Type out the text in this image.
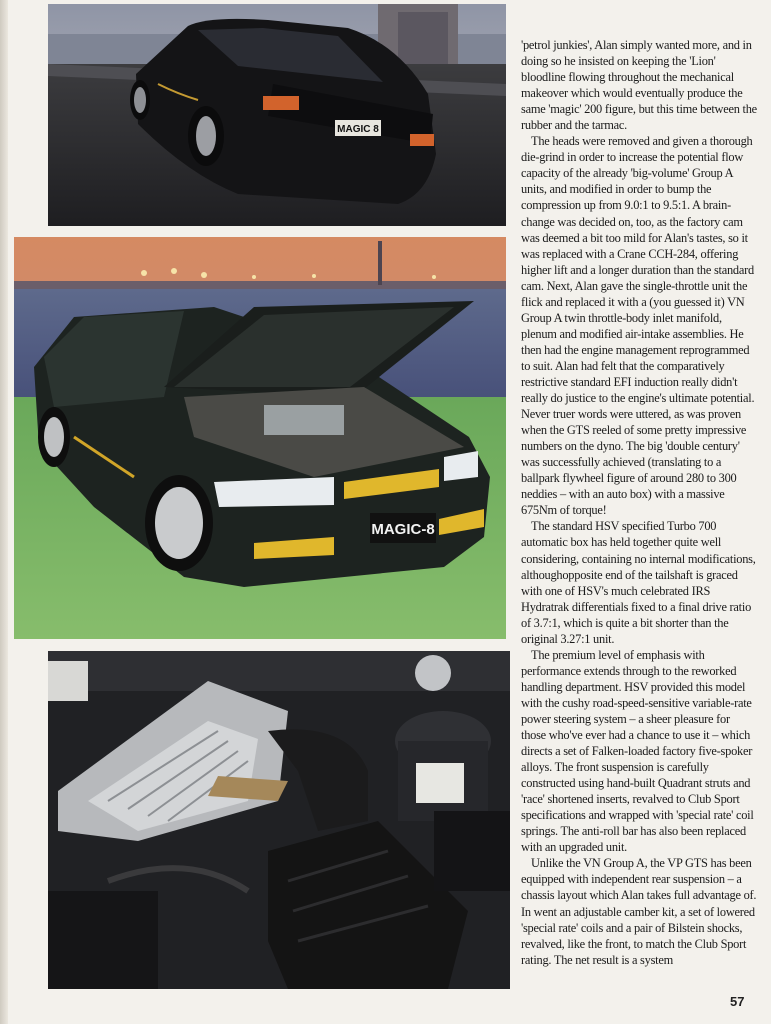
MAGIC 8
MAGIC-8

'petrol junkies', Alan simply wanted more, and in doing so he insisted on keeping the 'Lion' bloodline flowing throughout the mechanical makeover which would eventually produce the same 'magic' 200 figure, but this time between the rubber and the tarmac.

The heads were removed and given a thorough die-grind in order to increase the potential flow capacity of the already 'big-volume' Group A units, and modified in order to bump the compression up from 9.0:1 to 9.5:1. A brain-change was decided on, too, as the factory cam was deemed a bit too mild for Alan's tastes, so it was replaced with a Crane CCH-284, offering higher lift and a longer duration than the standard cam. Next, Alan gave the single-throttle unit the flick and replaced it with a (you guessed it) VN Group A twin throttle-body inlet manifold, plenum and modified air-intake assemblies. He then had the engine management reprogrammed to suit. Alan had felt that the comparatively restrictive standard EFI induction really didn't really do justice to the engine's ultimate potential. Never truer words were uttered, as was proven when the GTS reeled of some pretty impressive numbers on the dyno. The big 'double century' was successfully achieved (translating to a ballpark flywheel figure of around 280 to 300 neddies – with an auto box) with a massive 675Nm of torque!

The standard HSV specified Turbo 700 automatic box has held together quite well considering, containing no internal modifications, althoughopposite end of the tailshaft is graced with one of HSV's much celebrated IRS Hydratrak differentials fixed to a final drive ratio of 3.7:1, which is quite a bit shorter than the original 3.27:1 unit.

The premium level of emphasis with performance extends through to the reworked handling department. HSV provided this model with the cushy road-speed-sensitive variable-rate power steering system – a sheer pleasure for those who've ever had a chance to use it – which directs a set of Falken-loaded factory five-spoker alloys. The front suspension is carefully constructed using hand-built Quadrant struts and 'race' shortened inserts, revalved to Club Sport specifications and wrapped with 'special rate' coil springs. The anti-roll bar has also been replaced with an upgraded unit.

Unlike the VN Group A, the VP GTS has been equipped with independent rear suspension – a chassis layout which Alan takes full advantage of. In went an adjustable camber kit, a set of lowered 'special rate' coils and a pair of Bilstein shocks, revalved, like the front, to match the Club Sport rating. The net result is a system

57
